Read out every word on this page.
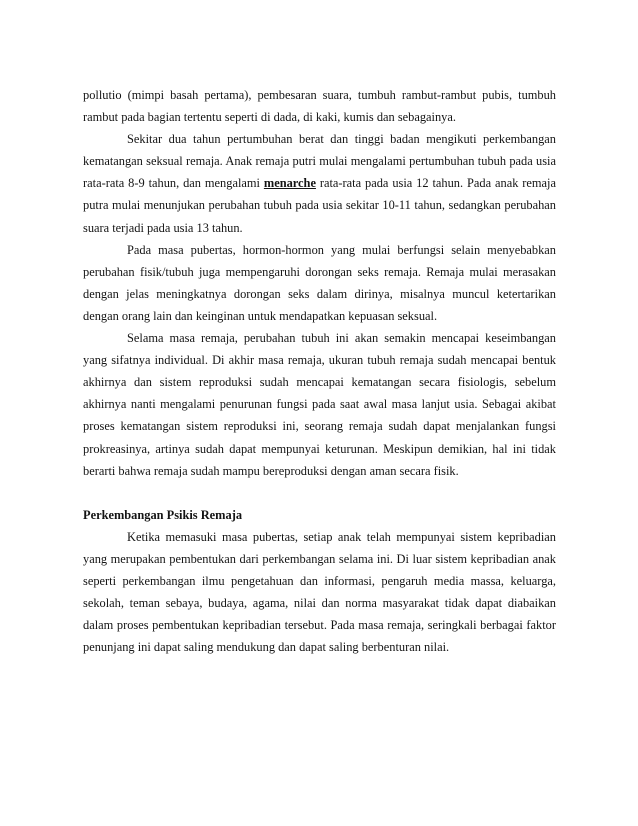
pollutio (mimpi basah pertama), pembesaran suara, tumbuh rambut-rambut pubis, tumbuh rambut pada bagian tertentu seperti di dada, di kaki, kumis dan sebagainya.

Sekitar dua tahun pertumbuhan berat dan tinggi badan mengikuti perkembangan kematangan seksual remaja. Anak remaja putri mulai mengalami pertumbuhan tubuh pada usia rata-rata 8-9 tahun, dan mengalami menarche rata-rata pada usia 12 tahun. Pada anak remaja putra mulai menunjukan perubahan tubuh pada usia sekitar 10-11 tahun, sedangkan perubahan suara terjadi pada usia 13 tahun.

Pada masa pubertas, hormon-hormon yang mulai berfungsi selain menyebabkan perubahan fisik/tubuh juga mempengaruhi dorongan seks remaja. Remaja mulai merasakan dengan jelas meningkatnya dorongan seks dalam dirinya, misalnya muncul ketertarikan dengan orang lain dan keinginan untuk mendapatkan kepuasan seksual.

Selama masa remaja, perubahan tubuh ini akan semakin mencapai keseimbangan yang sifatnya individual. Di akhir masa remaja, ukuran tubuh remaja sudah mencapai bentuk akhirnya dan sistem reproduksi sudah mencapai kematangan secara fisiologis, sebelum akhirnya nanti mengalami penurunan fungsi pada saat awal masa lanjut usia. Sebagai akibat proses kematangan sistem reproduksi ini, seorang remaja sudah dapat menjalankan fungsi prokreasinya, artinya sudah dapat mempunyai keturunan. Meskipun demikian, hal ini tidak berarti bahwa remaja sudah mampu bereproduksi dengan aman secara fisik.

Perkembangan Psikis Remaja

Ketika memasuki masa pubertas, setiap anak telah mempunyai sistem kepribadian yang merupakan pembentukan dari perkembangan selama ini. Di luar sistem kepribadian anak seperti perkembangan ilmu pengetahuan dan informasi, pengaruh media massa, keluarga, sekolah, teman sebaya, budaya, agama, nilai dan norma masyarakat tidak dapat diabaikan dalam proses pembentukan kepribadian tersebut. Pada masa remaja, seringkali berbagai faktor penunjang ini dapat saling mendukung dan dapat saling berbenturan nilai.
